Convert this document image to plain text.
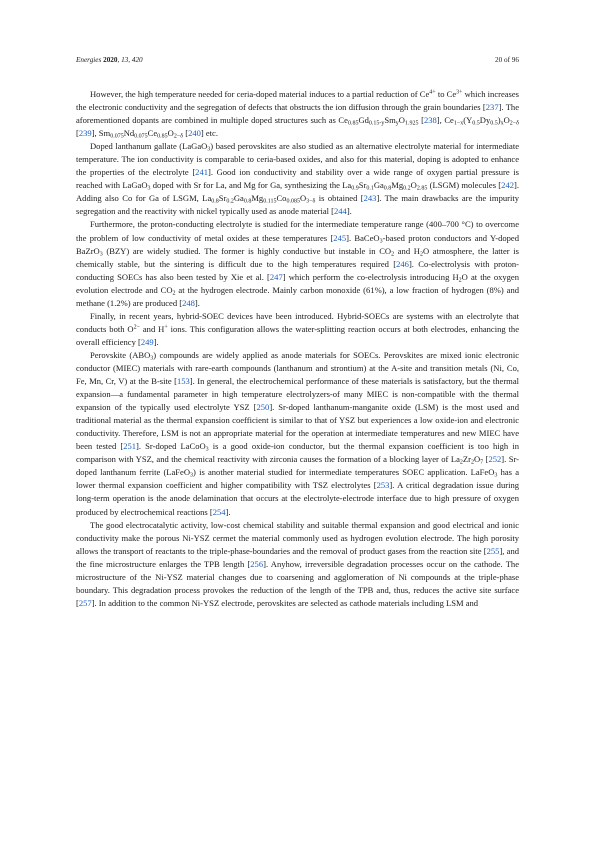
Energies 2020, 13, 420	20 of 96

However, the high temperature needed for ceria-doped material induces to a partial reduction of $Ce^{4+}$ to $Ce^{3+}$ which increases the electronic conductivity and the segregation of defects that obstructs the ion diffusion through the grain boundaries [237]. The aforementioned dopants are combined in multiple doped structures such as $Ce_{0.85}Gd_{0.15-y}Sm_yO_{1.925}$ [238], $Ce_{1-x}(Y_{0.5}Dy_{0.5})_xO_{2-\delta}$ [239], $Sm_{0.075}Nd_{0.075}Ce_{0.85}O_{2-\delta}$ [240] etc.

Doped lanthanum gallate (LaGaO$_3$) based perovskites are also studied as an alternative electrolyte material for intermediate temperature. The ion conductivity is comparable to ceria-based oxides, and also for this material, doping is adopted to enhance the properties of the electrolyte [241]. Good ion conductivity and stability over a wide range of oxygen partial pressure is reached with LaGaO$_3$ doped with Sr for La, and Mg for Ga, synthesizing the $La_{0.9}Sr_{0.1}Ga_{0.8}Mg_{0.2}O_{2.85}$ (LSGM) molecules [242]. Adding also Co for Ga of LSGM, $La_{0.8}Sr_{0.2}Ga_{0.8}Mg_{0.115}Co_{0.085}O_{3-\delta}$ is obtained [243]. The main drawbacks are the impurity segregation and the reactivity with nickel typically used as anode material [244].

Furthermore, the proton-conducting electrolyte is studied for the intermediate temperature range (400–700 °C) to overcome the problem of low conductivity of metal oxides at these temperatures [245]. BaCeO$_3$-based proton conductors and Y-doped BaZrO$_3$ (BZY) are widely studied. The former is highly conductive but instable in $CO_2$ and $H_2O$ atmosphere, the latter is chemically stable, but the sintering is difficult due to the high temperatures required [246]. Co-electrolysis with proton-conducting SOECs has also been tested by Xie et al. [247] which perform the co-electrolysis introducing $H_2O$ at the oxygen evolution electrode and $CO_2$ at the hydrogen electrode. Mainly carbon monoxide (61%), a low fraction of hydrogen (8%) and methane (1.2%) are produced [248].

Finally, in recent years, hybrid-SOEC devices have been introduced. Hybrid-SOECs are systems with an electrolyte that conducts both $O^{2-}$ and H+ ions. This configuration allows the water-splitting reaction occurs at both electrodes, enhancing the overall efficiency [249].

Perovskite $(ABO_3)$ compounds are widely applied as anode materials for SOECs. Perovskites are mixed ionic electronic conductor (MIEC) materials with rare-earth compounds (lanthanum and strontium) at the A-site and transition metals (Ni, Co, Fe, Mn, Cr, V) at the B-site [153]. In general, the electrochemical performance of these materials is satisfactory, but the thermal expansion—a fundamental parameter in high temperature electrolyzers-of many MIEC is non-compatible with the thermal expansion of the typically used electrolyte YSZ [250]. Sr-doped lanthanum-manganite oxide (LSM) is the most used and traditional material as the thermal expansion coefficient is similar to that of YSZ but experiences a low oxide-ion and electronic conductivity. Therefore, LSM is not an appropriate material for the operation at intermediate temperatures and new MIEC have been tested [251]. Sr-doped LaCoO$_3$ is a good oxide-ion conductor, but the thermal expansion coefficient is too high in comparison with YSZ, and the chemical reactivity with zirconia causes the formation of a blocking layer of $La_2Zr_2O_7$ [252]. Sr-doped lanthanum ferrite (LaFeO$_3$) is another material studied for intermediate temperatures SOEC application. LaFeO$_3$ has a lower thermal expansion coefficient and higher compatibility with TSZ electrolytes [253]. A critical degradation issue during long-term operation is the anode delamination that occurs at the electrolyte-electrode interface due to high pressure of oxygen produced by electrochemical reactions [254].

The good electrocatalytic activity, low-cost chemical stability and suitable thermal expansion and good electrical and ionic conductivity make the porous Ni-YSZ cermet the material commonly used as hydrogen evolution electrode. The high porosity allows the transport of reactants to the triple-phase-boundaries and the removal of product gases from the reaction site [255], and the fine microstructure enlarges the TPB length [256]. Anyhow, irreversible degradation processes occur on the cathode. The microstructure of the Ni-YSZ material changes due to coarsening and agglomeration of Ni compounds at the triple-phase boundary. This degradation process provokes the reduction of the length of the TPB and, thus, reduces the active site surface [257]. In addition to the common Ni-YSZ electrode, perovskites are selected as cathode materials including LSM and
